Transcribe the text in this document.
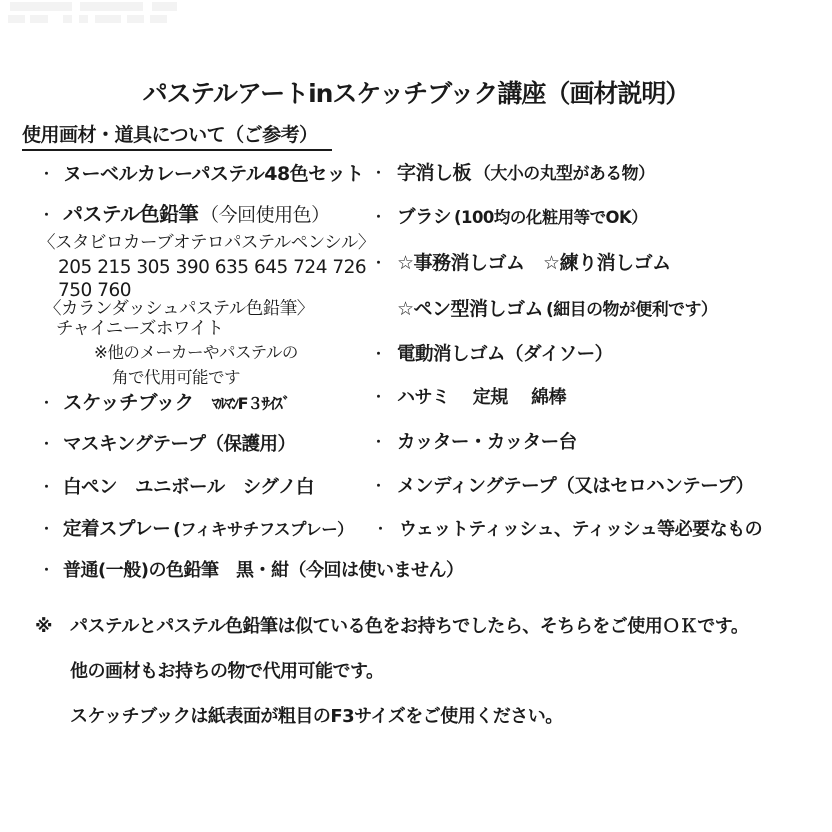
パステルアートinスケッチブック講座（画材説明）
使用画材・道具について（ご参考）
・ ヌーベルカレーパステル48色セット
・ パステル色鉛筆 （今回使用色）
〈スタビロカーブオテロパステルペンシル〉
205 215 305 390 635 645 724 726
750 760
〈カランダッシュパステル色鉛筆〉
チャイニーズホワイト
※他のメーカーやパステルの
角で代用可能です
・ スケッチブック ﾏﾙﾏﾝF３ｻｲｽﾞ
・ マスキングテープ（保護用）
・ 白ペン　ユニボール　シグノ白
・ 定着スプレー (フィキサチフスプレー）
・ 普通(一般)の色鉛筆　黒・紺（今回は使いません）
・ 字消し板 （大小の丸型がある物）
・ ブラシ (100均の化粧用等でOK）
・ ☆事務消しゴム　☆練り消しゴム
☆ペン型消しゴム (細目の物が便利です）
・ 電動消しゴム（ダイソー）
・ ハサミ　 定規　 綿棒
・ カッター・カッター台
・ メンディングテープ（又はセロハンテープ）
・ ウェットティッシュ、ティッシュ等必要なもの
※ パステルとパステル色鉛筆は似ている色をお持ちでしたら、そちらをご使用ＯＫです。
他の画材もお持ちの物で代用可能です。
スケッチブックは紙表面が粗目のF3サイズをご使用ください。
